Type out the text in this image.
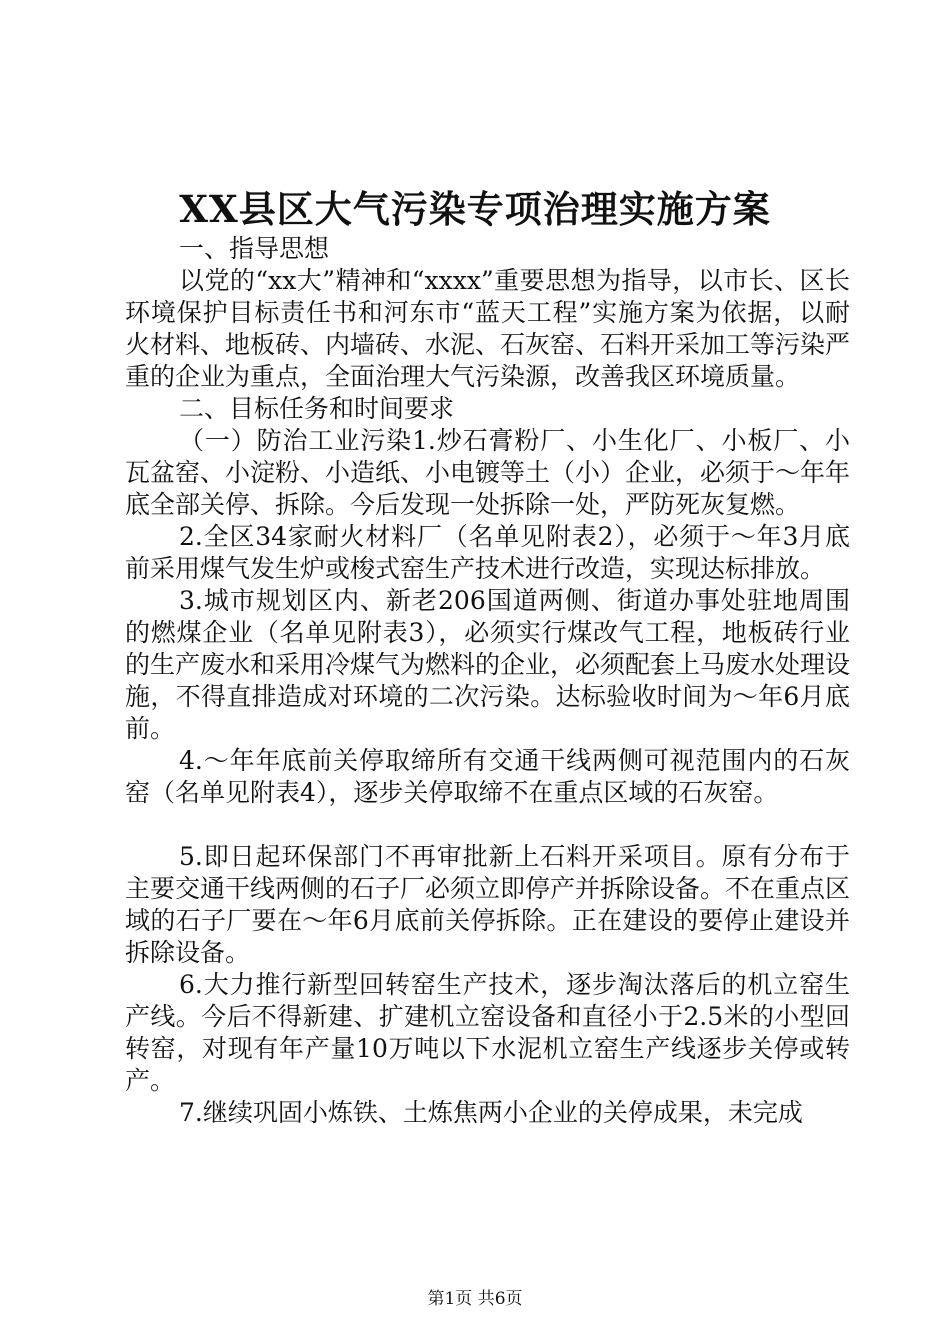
XX县区大气污染专项治理实施方案

一、指导思想

以党的“xx大”精神和“xxxx”重要思想为指导，以市长、区长环境保护目标责任书和河东市“蓝天工程”实施方案为依据，以耐火材料、地板砖、内墙砖、水泥、石灰窑、石料开采加工等污染严重的企业为重点，全面治理大气污染源，改善我区环境质量。

二、目标任务和时间要求

（一）防治工业污染1.炒石膏粉厂、小生化厂、小板厂、小瓦盆窑、小淀粉、小造纸、小电镀等土（小）企业，必须于～年年底全部关停、拆除。今后发现一处拆除一处，严防死灰复燃。

2.全区34家耐火材料厂（名单见附表2），必须于～年3月底前采用煤气发生炉或梭式窑生产技术进行改造，实现达标排放。

3.城市规划区内、新老206国道两侧、街道办事处驻地周围的燃煤企业（名单见附表3），必须实行煤改气工程，地板砖行业的生产废水和采用冷煤气为燃料的企业，必须配套上马废水处理设施，不得直排造成对环境的二次污染。达标验收时间为～年6月底前。

4.～年年底前关停取缔所有交通干线两侧可视范围内的石灰窑（名单见附表4），逐步关停取缔不在重点区域的石灰窑。

5.即日起环保部门不再审批新上石料开采项目。原有分布于主要交通干线两侧的石子厂必须立即停产并拆除设备。不在重点区域的石子厂要在～年6月底前关停拆除。正在建设的要停止建设并拆除设备。

6.大力推行新型回转窑生产技术，逐步淘汰落后的机立窑生产线。今后不得新建、扩建机立窑设备和直径小于2.5米的小型回转窑，对现有年产量10万吨以下水泥机立窑生产线逐步关停或转产。

7.继续巩固小炼铁、土炼焦两小企业的关停成果，未完成

第1页 共6页
